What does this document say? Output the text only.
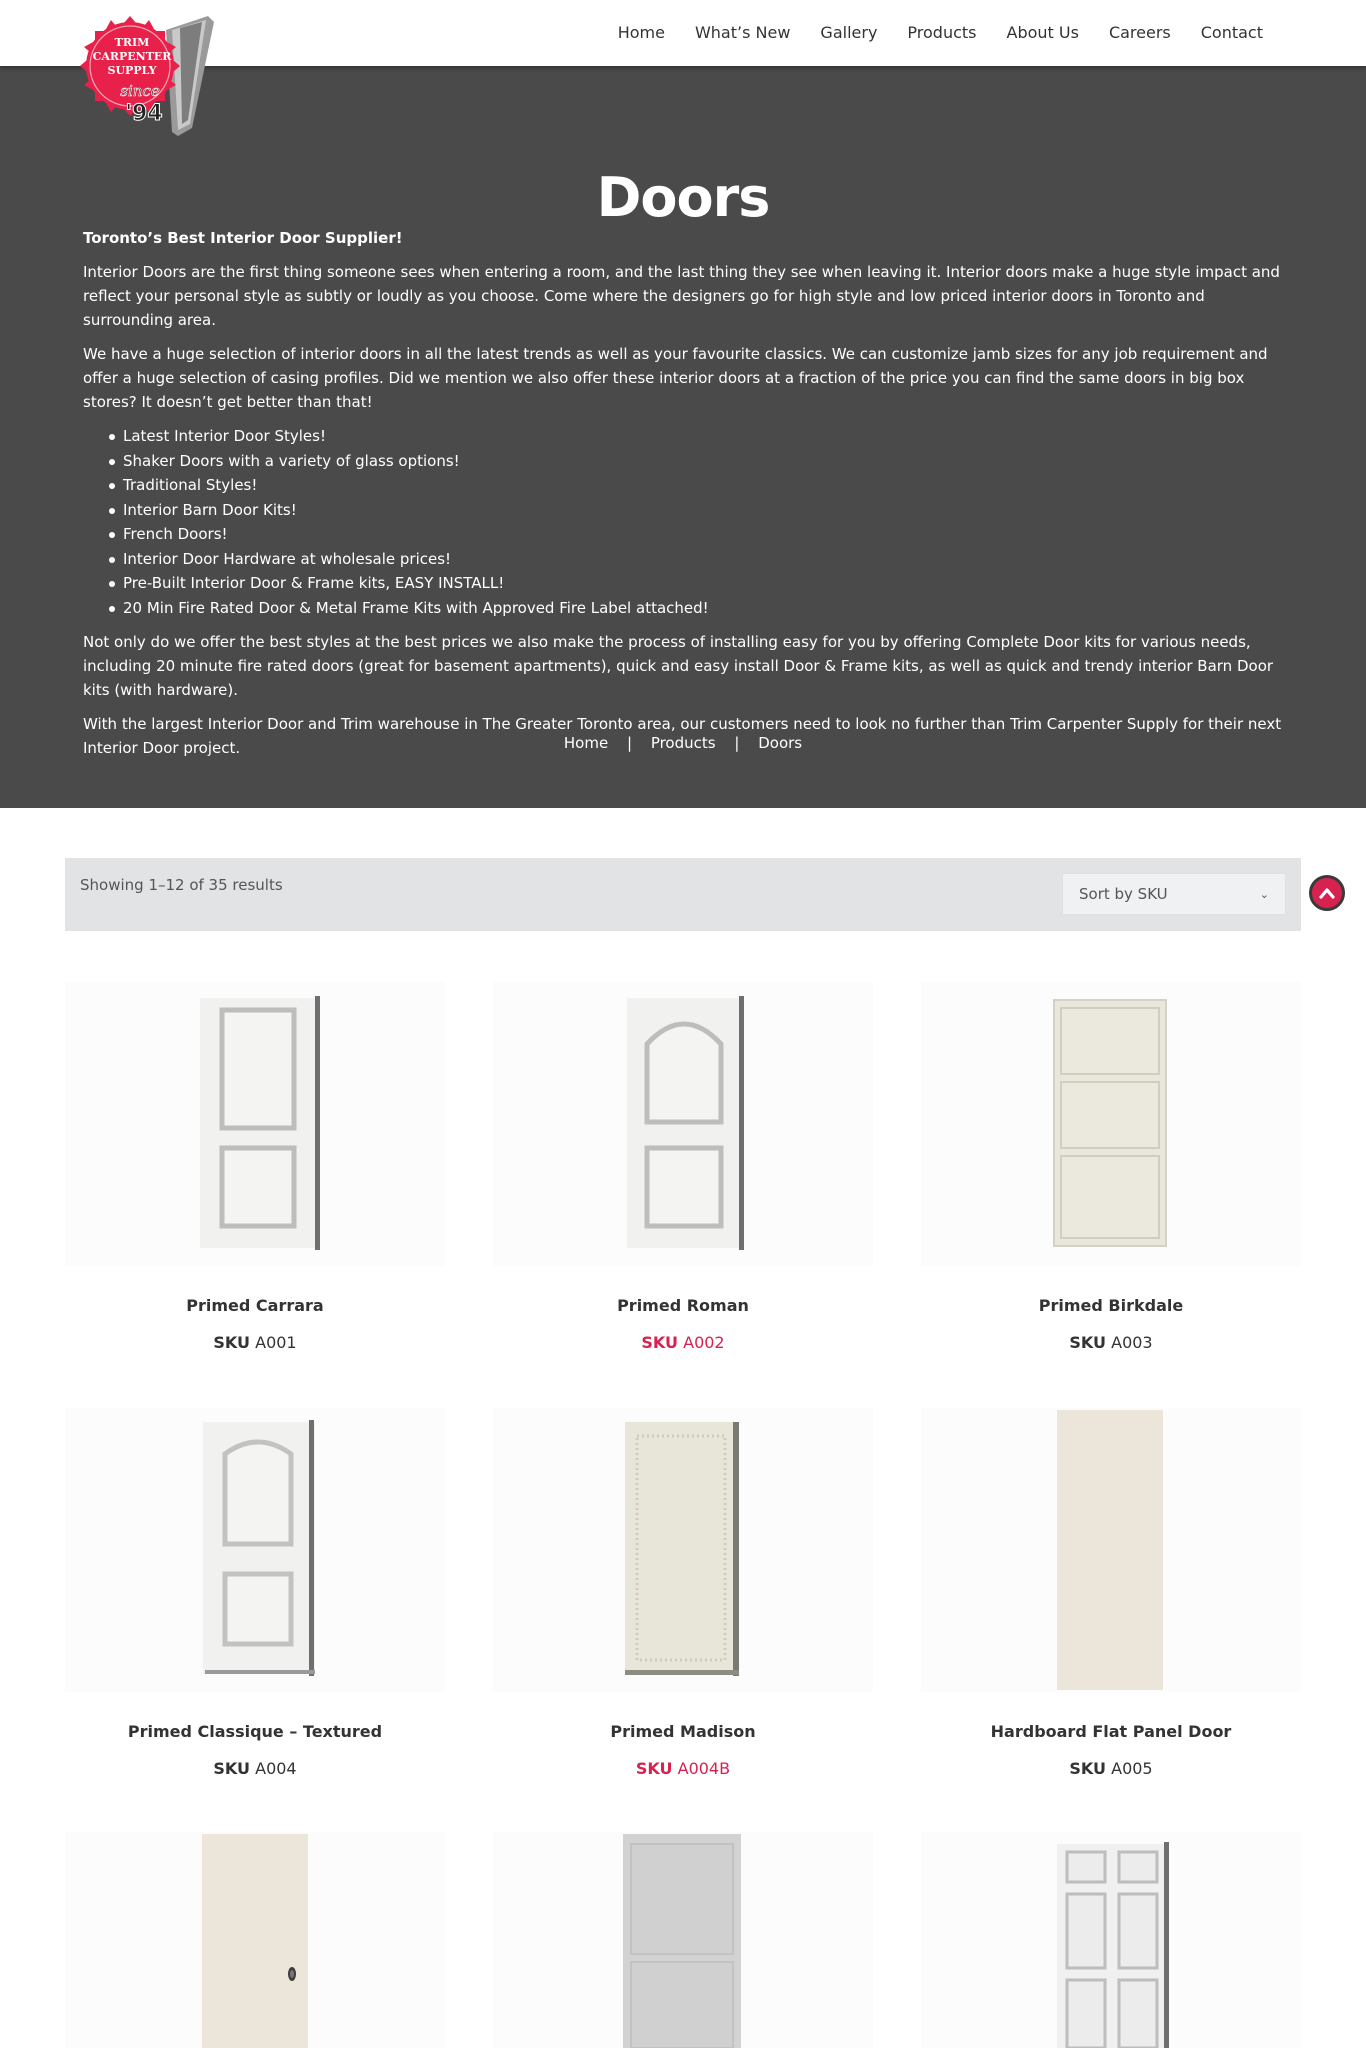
Home	What’s New	Gallery	Products	About Us	Careers	Contact
TRIM
CARPENTER
SUPPLY
since
'94
Doors

Toronto’s Best Interior Door Supplier!

Interior Doors are the first thing someone sees when entering a room, and the last thing they see when leaving it. Interior doors make a huge style impact and reflect your personal style as subtly or loudly as you choose. Come where the designers go for high style and low priced interior doors in Toronto and surrounding area.

We have a huge selection of interior doors in all the latest trends as well as your favourite classics. We can customize jamb sizes for any job requirement and offer a huge selection of casing profiles. Did we mention we also offer these interior doors at a fraction of the price you can find the same doors in big box stores? It doesn’t get better than that!

Latest Interior Door Styles!
Shaker Doors with a variety of glass options!
Traditional Styles!
Interior Barn Door Kits!
French Doors!
Interior Door Hardware at wholesale prices!
Pre-Built Interior Door & Frame kits, EASY INSTALL!
20 Min Fire Rated Door & Metal Frame Kits with Approved Fire Label attached!

Not only do we offer the best styles at the best prices we also make the process of installing easy for you by offering Complete Door kits for various needs, including 20 minute fire rated doors (great for basement apartments), quick and easy install Door & Frame kits, as well as quick and trendy interior Barn Door kits (with hardware).

With the largest Interior Door and Trim warehouse in The Greater Toronto area, our customers need to look no further than Trim Carpenter Supply for their next Interior Door project.	Home | Products | Doors
Showing 1–12 of 35 results	Sort by SKU	⌄
Primed Carrara
SKU A001
Primed Roman
SKU A002
Primed Birkdale
SKU A003
Primed Classique – Textured
SKU A004
Primed Madison
SKU A004B
Hardboard Flat Panel Door
SKU A005
